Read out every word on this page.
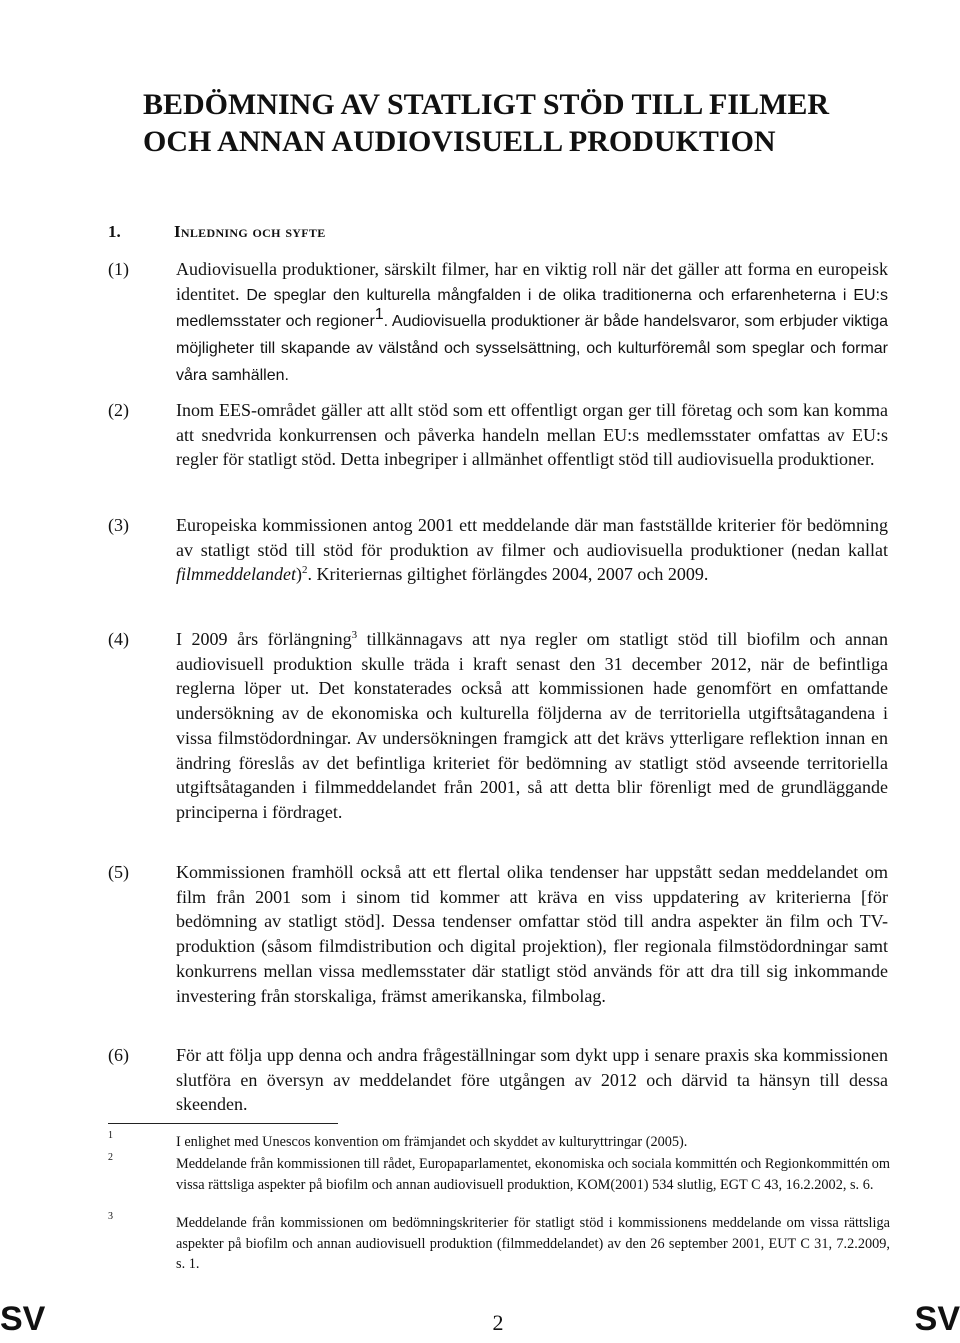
BEDÖMNING AV STATLIGT STÖD TILL FILMER
OCH ANNAN AUDIOVISUELL PRODUKTION
1.	Inledning och syfte
(1)	Audiovisuella produktioner, särskilt filmer, har en viktig roll när det gäller att forma en europeisk identitet. De speglar den kulturella mångfalden i de olika traditionerna och erfarenheterna i EU:s medlemsstater och regioner$^1$. Audiovisuella produktioner är både handelsvaror, som erbjuder viktiga möjligheter till skapande av välstånd och sysselsättning, och kulturföremål som speglar och formar våra samhällen.
(2)	Inom EES-området gäller att allt stöd som ett offentligt organ ger till företag och som kan komma att snedvrida konkurrensen och påverka handeln mellan EU:s medlemsstater omfattas av EU:s regler för statligt stöd. Detta inbegriper i allmänhet offentligt stöd till audiovisuella produktioner.
(3)	Europeiska kommissionen antog 2001 ett meddelande där man fastställde kriterier för bedömning av statligt stöd till stöd för produktion av filmer och audiovisuella produktioner (nedan kallat filmmeddelandet)$^2$. Kriteriernas giltighet förlängdes 2004, 2007 och 2009.
(4)	I 2009 års förlängning$^3$ tillkännagavs att nya regler om statligt stöd till biofilm och annan audiovisuell produktion skulle träda i kraft senast den 31 december 2012, när de befintliga reglerna löper ut. Det konstaterades också att kommissionen hade genomfört en omfattande undersökning av de ekonomiska och kulturella följderna av de territoriella utgiftsåtagandena i vissa filmstödordningar. Av undersökningen framgick att det krävs ytterligare reflektion innan en ändring föreslås av det befintliga kriteriet för bedömning av statligt stöd avseende territoriella utgiftsåtaganden i filmmeddelandet från 2001, så att detta blir förenligt med de grundläggande principerna i fördraget.
(5)	Kommissionen framhöll också att ett flertal olika tendenser har uppstått sedan meddelandet om film från 2001 som i sinom tid kommer att kräva en viss uppdatering av kriterierna [för bedömning av statligt stöd]. Dessa tendenser omfattar stöd till andra aspekter än film och TV-produktion (såsom filmdistribution och digital projektion), fler regionala filmstödordningar samt konkurrens mellan vissa medlemsstater där statligt stöd används för att dra till sig inkommande investering från storskaliga, främst amerikanska, filmbolag.
(6)	För att följa upp denna och andra frågeställningar som dykt upp i senare praxis ska kommissionen slutföra en översyn av meddelandet före utgången av 2012 och därvid ta hänsyn till dessa skeenden.
1	I enlighet med Unescos konvention om främjandet och skyddet av kulturyttringar (2005).
2	Meddelande från kommissionen till rådet, Europaparlamentet, ekonomiska och sociala kommittén och Regionkommittén om vissa rättsliga aspekter på biofilm och annan audiovisuell produktion, KOM(2001) 534 slutlig, EGT C 43, 16.2.2002, s. 6.
3	Meddelande från kommissionen om bedömningskriterier för statligt stöd i kommissionens meddelande om vissa rättsliga aspekter på biofilm och annan audiovisuell produktion (filmmeddelandet) av den 26 september 2001, EUT C 31, 7.2.2009, s. 1.
SV	2	SV
